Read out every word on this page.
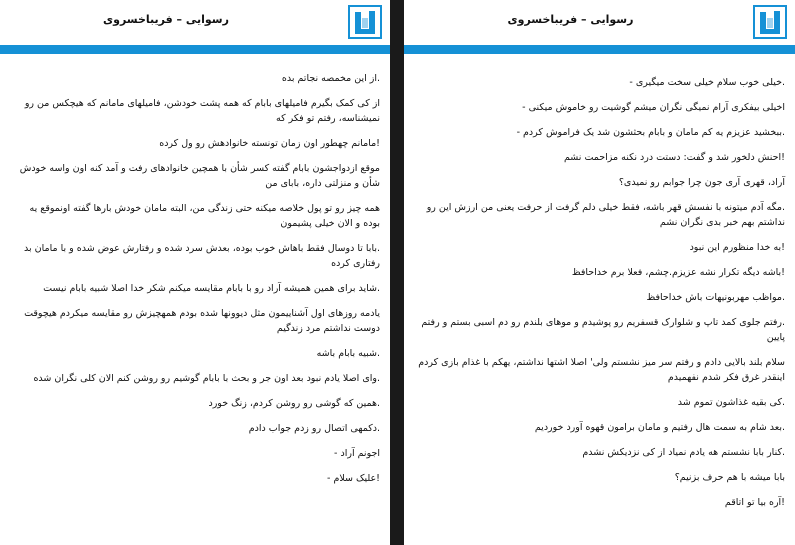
رسوایی – فریباخسروی

.از این مخمصه نجاتم بده

از کی کمک بگیرم فامیلهای بابام که همه پشت خودشن، فامیلهای مامانم که هیچکس من رو نمیشناسه، رفتم تو فکر که

!مامانم چهطور اون زمان تونسته خانوادهش رو ول کرده

موقع ازدواجشون بابام گفته کسر شأن با همچین خانوادهای رفت و آمد کنه اون واسه خودش شأن و منزلتی داره، بابای من

همه چیز رو تو پول خلاصه میکنه حتی زندگی من، البته مامان خودش بارها گفته اونموقع یه بوده و الان خیلی پشیمون

.بابا تا دوسال فقط باهاش خوب بوده، بعدش سرد شده و رفتارش عوض شده و با مامان بد رفتاری کرده

.شاید برای همین همیشه آراد رو با بابام مقایسه میکنم شکر خدا اصلا شبیه بابام نیست

یادمه روزهای اول آشناییمون مثل دیوونها شده بودم همهچیزش رو مقایسه میکردم هیچوقت دوست نداشتم مرد زندگیم

.شبیه بابام باشه

.وای اصلا یادم نبود بعد اون جر و بحث با بابام گوشیم رو روشن کنم الان کلی نگران شده

.همین که گوشی رو روشن کردم، زنگ خورد

.دکمهی اتصال رو زدم جواب دادم

اجونم آراد -

!علیک سلام -

رسوایی – فریباخسروی

.خیلی خوب سلام خیلی سخت میگیری -

اخیلی بیفکری آرام نمیگی نگران میشم گوشیت رو خاموش میکنی -

.ببخشید عزیزم یه کم مامان و بابام بحثشون شد یک فراموش کردم -

!احنش دلخور شد و گفت: دستت درد نکنه مزاحمت نشم

آراد، قهری آری جون چرا جوابم رو نمیدی؟

.مگه آدم میتونه با نفسش قهر باشه، فقط خیلی دلم گرفت از حرفت یعنی من ارزش این رو نداشتم بهم خبر بدی نگران نشم

!به خدا منظورم این نبود

!باشه دیگه تکرار نشه عزیزم.چشم، فعلا برم خداحافظ

.مواظب مهربونیهات باش خداحافظ

.رفتم جلوی کمد تاپ و شلوارک قسفریم رو پوشیدم و موهای بلندم رو دم اسبی بستم و رفتم پایین

سلام بلند بالایی دادم و رفتم سر میز نشستم ولی' اصلا اشتها نداشتم، یهکم با غذام بازی کردم اینقدر غرق فکر شدم نفهمیدم

.کی بقیه غذاشون تموم شد

.بعد شام به سمت هال رفتیم و مامان برامون قهوه آورد خوردیم

.کنار بابا نشستم هه یادم نمیاد از کی نزدیکش نشدم

بابا میشه با هم حرف بزنیم؟

!آره بیا تو اتاقم
